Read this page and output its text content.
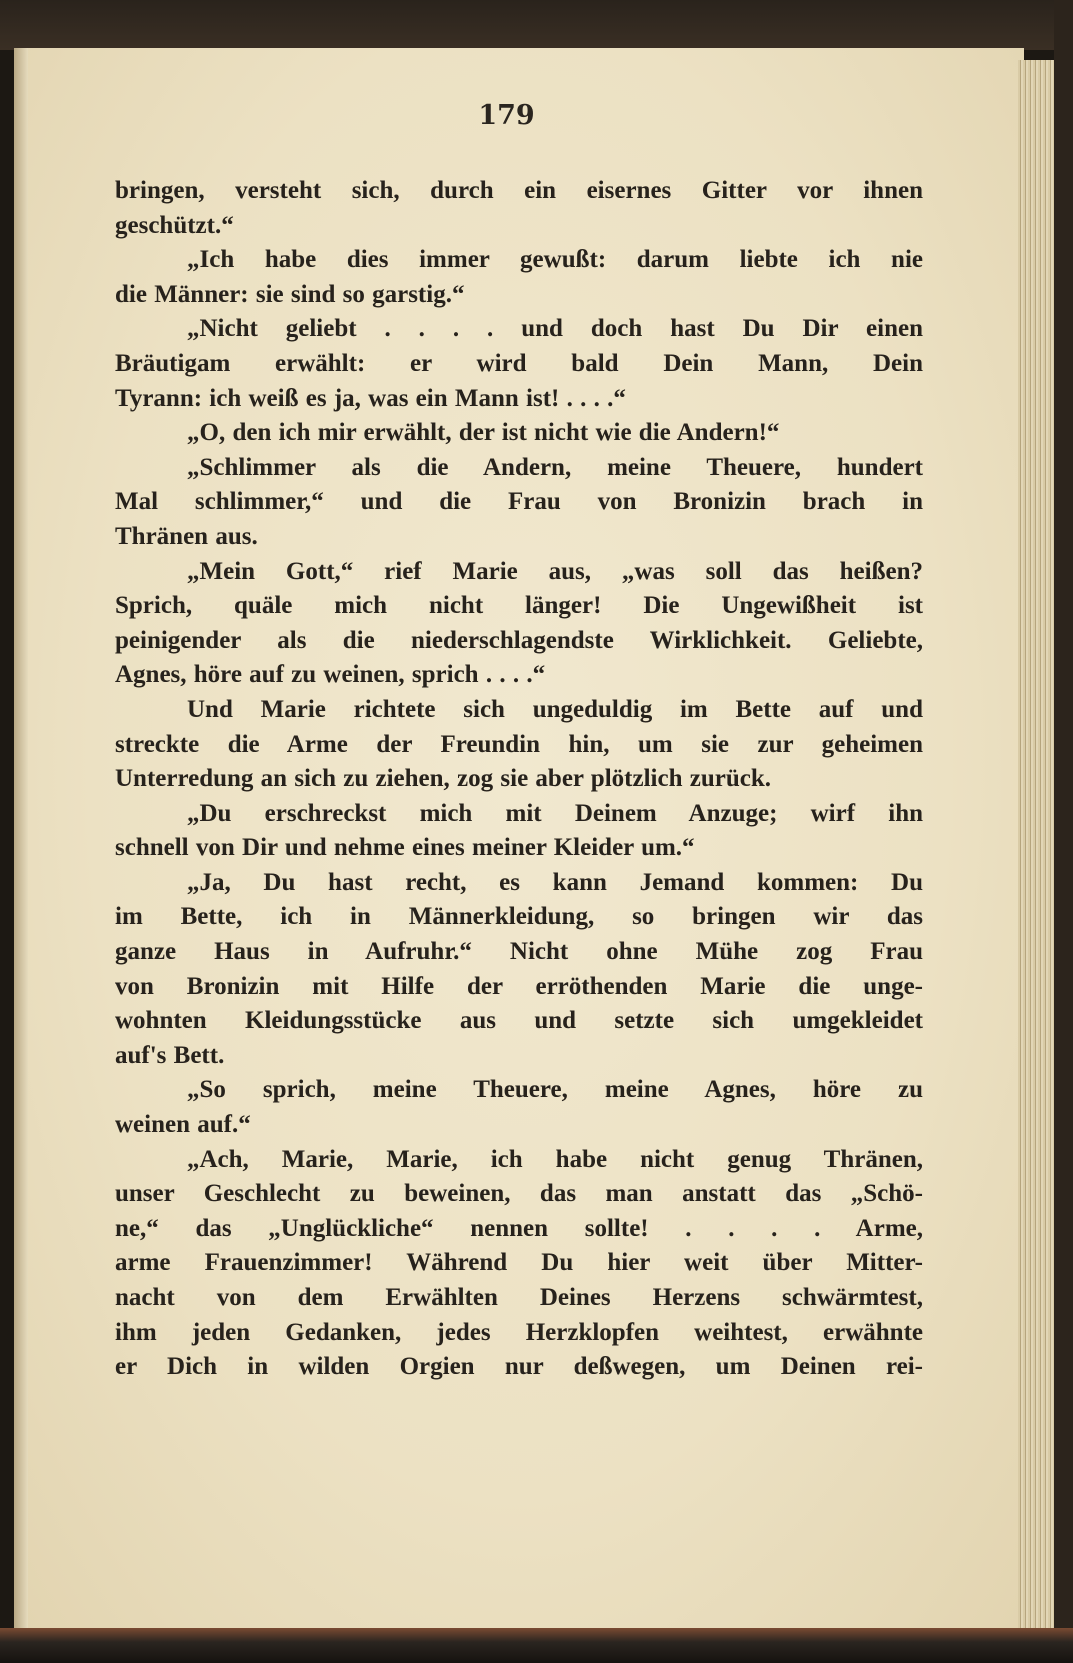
179
bringen, versteht sich, durch ein eisernes Gitter vor ihnen
geschützt.“
„Ich habe dies immer gewußt: darum liebte ich nie
die Männer: sie sind so garstig.“
„Nicht geliebt . . . . und doch hast Du Dir einen
Bräutigam erwählt: er wird bald Dein Mann, Dein
Tyrann: ich weiß es ja, was ein Mann ist! . . . .“
„O, den ich mir erwählt, der ist nicht wie die Andern!“
„Schlimmer als die Andern, meine Theuere, hundert
Mal schlimmer,“ und die Frau von Bronizin brach in
Thränen aus.
„Mein Gott,“ rief Marie aus, „was soll das heißen?
Sprich, quäle mich nicht länger! Die Ungewißheit ist
peinigender als die niederschlagendste Wirklichkeit. Geliebte,
Agnes, höre auf zu weinen, sprich . . . .“
Und Marie richtete sich ungeduldig im Bette auf und
streckte die Arme der Freundin hin, um sie zur geheimen
Unterredung an sich zu ziehen, zog sie aber plötzlich zurück.
„Du erschreckst mich mit Deinem Anzuge; wirf ihn
schnell von Dir und nehme eines meiner Kleider um.“
„Ja, Du hast recht, es kann Jemand kommen: Du
im Bette, ich in Männerkleidung, so bringen wir das
ganze Haus in Aufruhr.“ Nicht ohne Mühe zog Frau
von Bronizin mit Hilfe der erröthenden Marie die unge-
wohnten Kleidungsstücke aus und setzte sich umgekleidet
auf's Bett.
„So sprich, meine Theuere, meine Agnes, höre zu
weinen auf.“
„Ach, Marie, Marie, ich habe nicht genug Thränen,
unser Geschlecht zu beweinen, das man anstatt das „Schö-
ne,“ das „Unglückliche“ nennen sollte! . . . . Arme,
arme Frauenzimmer! Während Du hier weit über Mitter-
nacht von dem Erwählten Deines Herzens schwärmtest,
ihm jeden Gedanken, jedes Herzklopfen weihtest, erwähnte
er Dich in wilden Orgien nur deßwegen, um Deinen rei-
